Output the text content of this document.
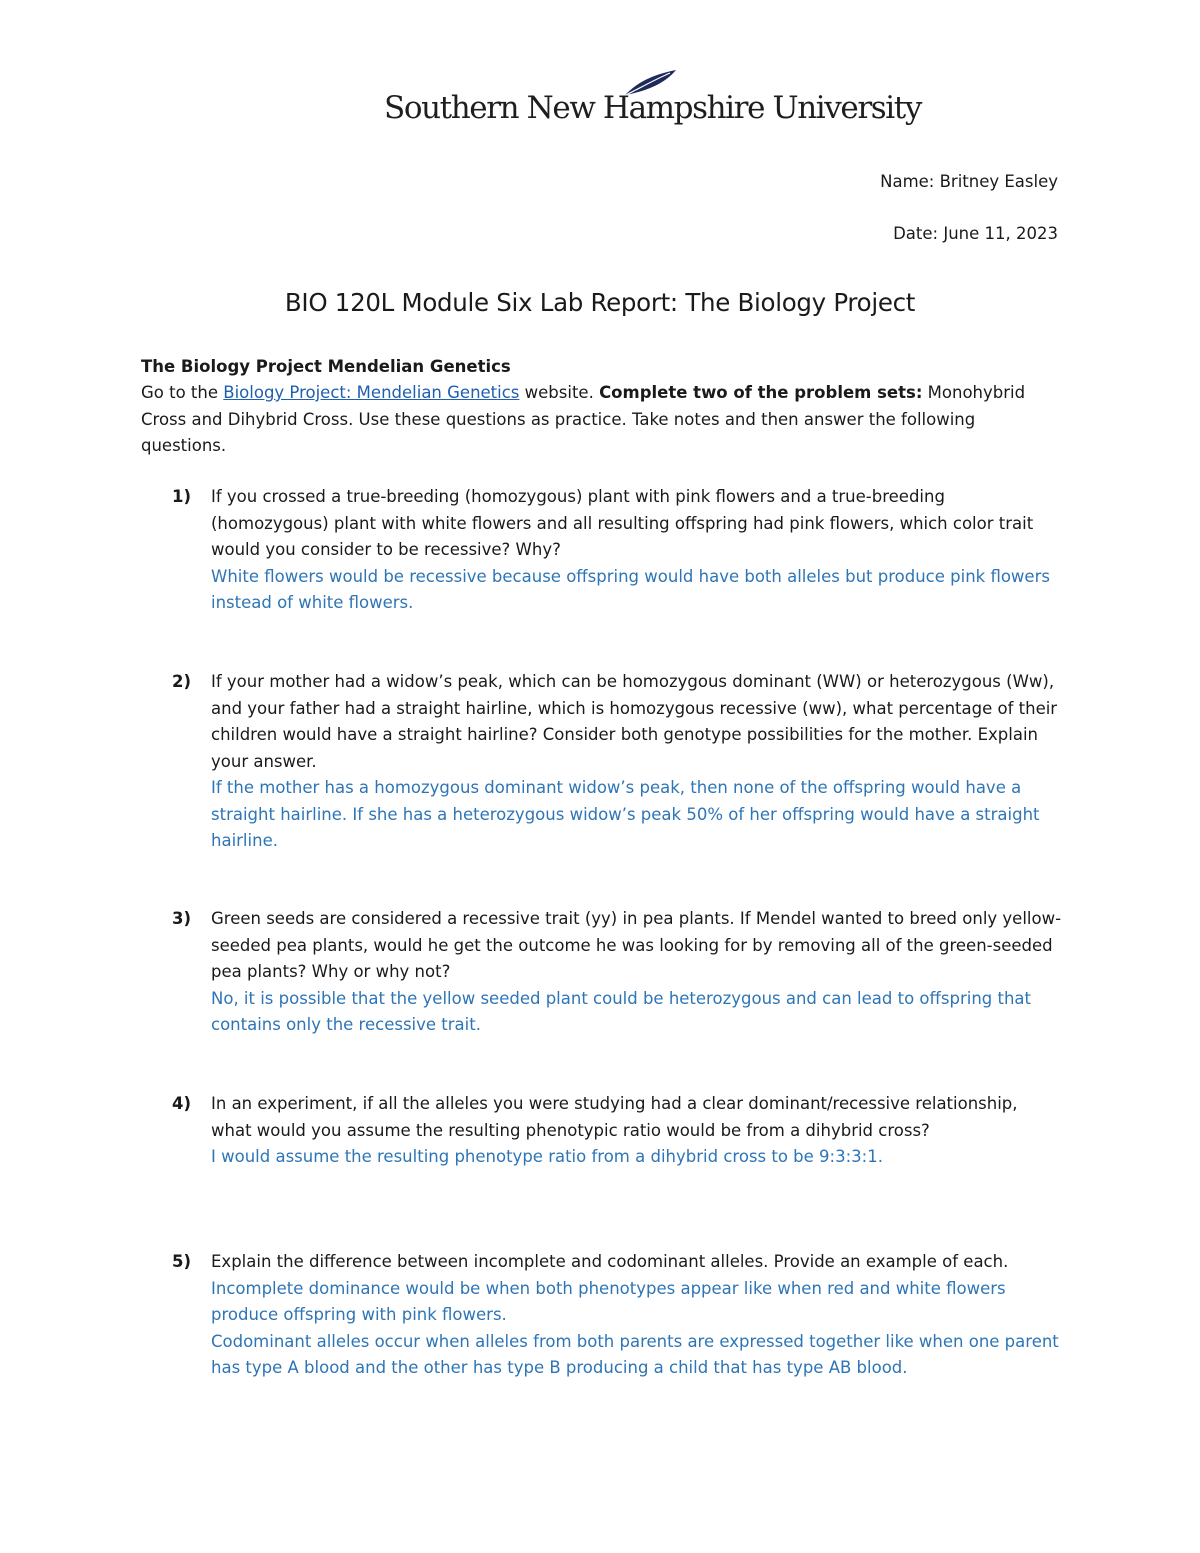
Southern New Hampshire University
Name: Britney Easley
Date: June 11, 2023
BIO 120L Module Six Lab Report: The Biology Project
The Biology Project Mendelian Genetics
Go to the Biology Project: Mendelian Genetics website. Complete two of the problem sets: Monohybrid Cross and Dihybrid Cross. Use these questions as practice. Take notes and then answer the following questions.
1)	If you crossed a true-breeding (homozygous) plant with pink flowers and a true-breeding (homozygous) plant with white flowers and all resulting offspring had pink flowers, which color trait would you consider to be recessive? Why?
White flowers would be recessive because offspring would have both alleles but produce pink flowers instead of white flowers.
2)	If your mother had a widow’s peak, which can be homozygous dominant (WW) or heterozygous (Ww), and your father had a straight hairline, which is homozygous recessive (ww), what percentage of their children would have a straight hairline? Consider both genotype possibilities for the mother. Explain your answer.
If the mother has a homozygous dominant widow’s peak, then none of the offspring would have a straight hairline. If she has a heterozygous widow’s peak 50% of her offspring would have a straight hairline.
3)	Green seeds are considered a recessive trait (yy) in pea plants. If Mendel wanted to breed only yellow-seeded pea plants, would he get the outcome he was looking for by removing all of the green-seeded pea plants? Why or why not?
No, it is possible that the yellow seeded plant could be heterozygous and can lead to offspring that contains only the recessive trait.
4)	In an experiment, if all the alleles you were studying had a clear dominant/recessive relationship, what would you assume the resulting phenotypic ratio would be from a dihybrid cross?
I would assume the resulting phenotype ratio from a dihybrid cross to be 9:3:3:1.
5)	Explain the difference between incomplete and codominant alleles. Provide an example of each.
Incomplete dominance would be when both phenotypes appear like when red and white flowers produce offspring with pink flowers.
Codominant alleles occur when alleles from both parents are expressed together like when one parent has type A blood and the other has type B producing a child that has type AB blood.
